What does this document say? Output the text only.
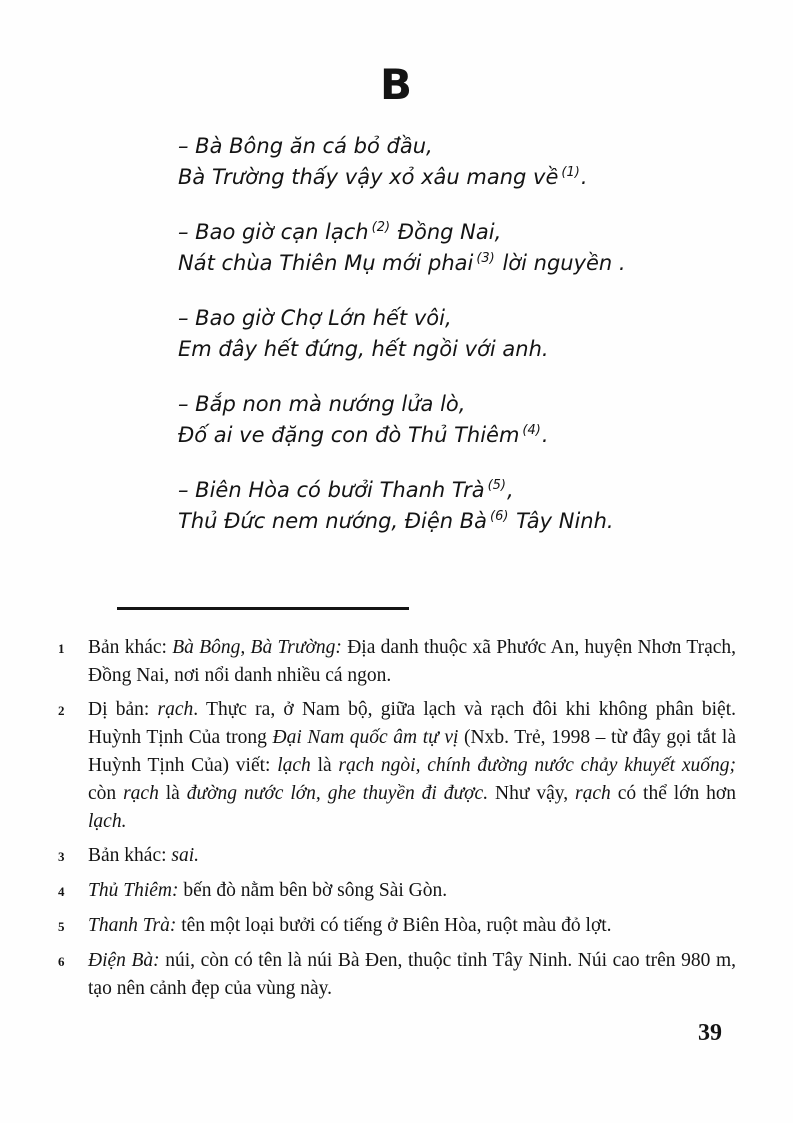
B
– Bà Bông ăn cá bỏ đầu,
Bà Trường thấy vậy xỏ xâu mang về $^{(1)}$.
– Bao giờ cạn lạch $^{(2)}$ Đồng Nai,
Nát chùa Thiên Mụ mới phai $^{(3)}$ lời nguyền .
– Bao giờ Chợ Lớn hết vôi,
Em đây hết đứng, hết ngồi với anh.
– Bắp non mà nướng lửa lò,
Đố ai ve đặng con đò Thủ Thiêm $^{(4)}$.
– Biên Hòa có bưởi Thanh Trà $^{(5)}$,
Thủ Đức nem nướng, Điện Bà $^{(6)}$ Tây Ninh.
1	Bản khác: Bà Bông, Bà Trường: Địa danh thuộc xã Phước An, huyện Nhơn Trạch, Đồng Nai, nơi nổi danh nhiều cá ngon.
2	Dị bản: rạch. Thực ra, ở Nam bộ, giữa lạch và rạch đôi khi không phân biệt. Huỳnh Tịnh Của trong Đại Nam quốc âm tự vị (Nxb. Trẻ, 1998 – từ đây gọi tắt là Huỳnh Tịnh Của) viết: lạch là rạch ngòi, chính đường nước chảy khuyết xuống; còn rạch là đường nước lớn, ghe thuyền đi được. Như vậy, rạch có thể lớn hơn lạch.
3	Bản khác: sai.
4	Thủ Thiêm: bến đò nằm bên bờ sông Sài Gòn.
5	Thanh Trà: tên một loại bưởi có tiếng ở Biên Hòa, ruột màu đỏ lợt.
6	Điện Bà: núi, còn có tên là núi Bà Đen, thuộc tỉnh Tây Ninh. Núi cao trên 980 m, tạo nên cảnh đẹp của vùng này.
39
